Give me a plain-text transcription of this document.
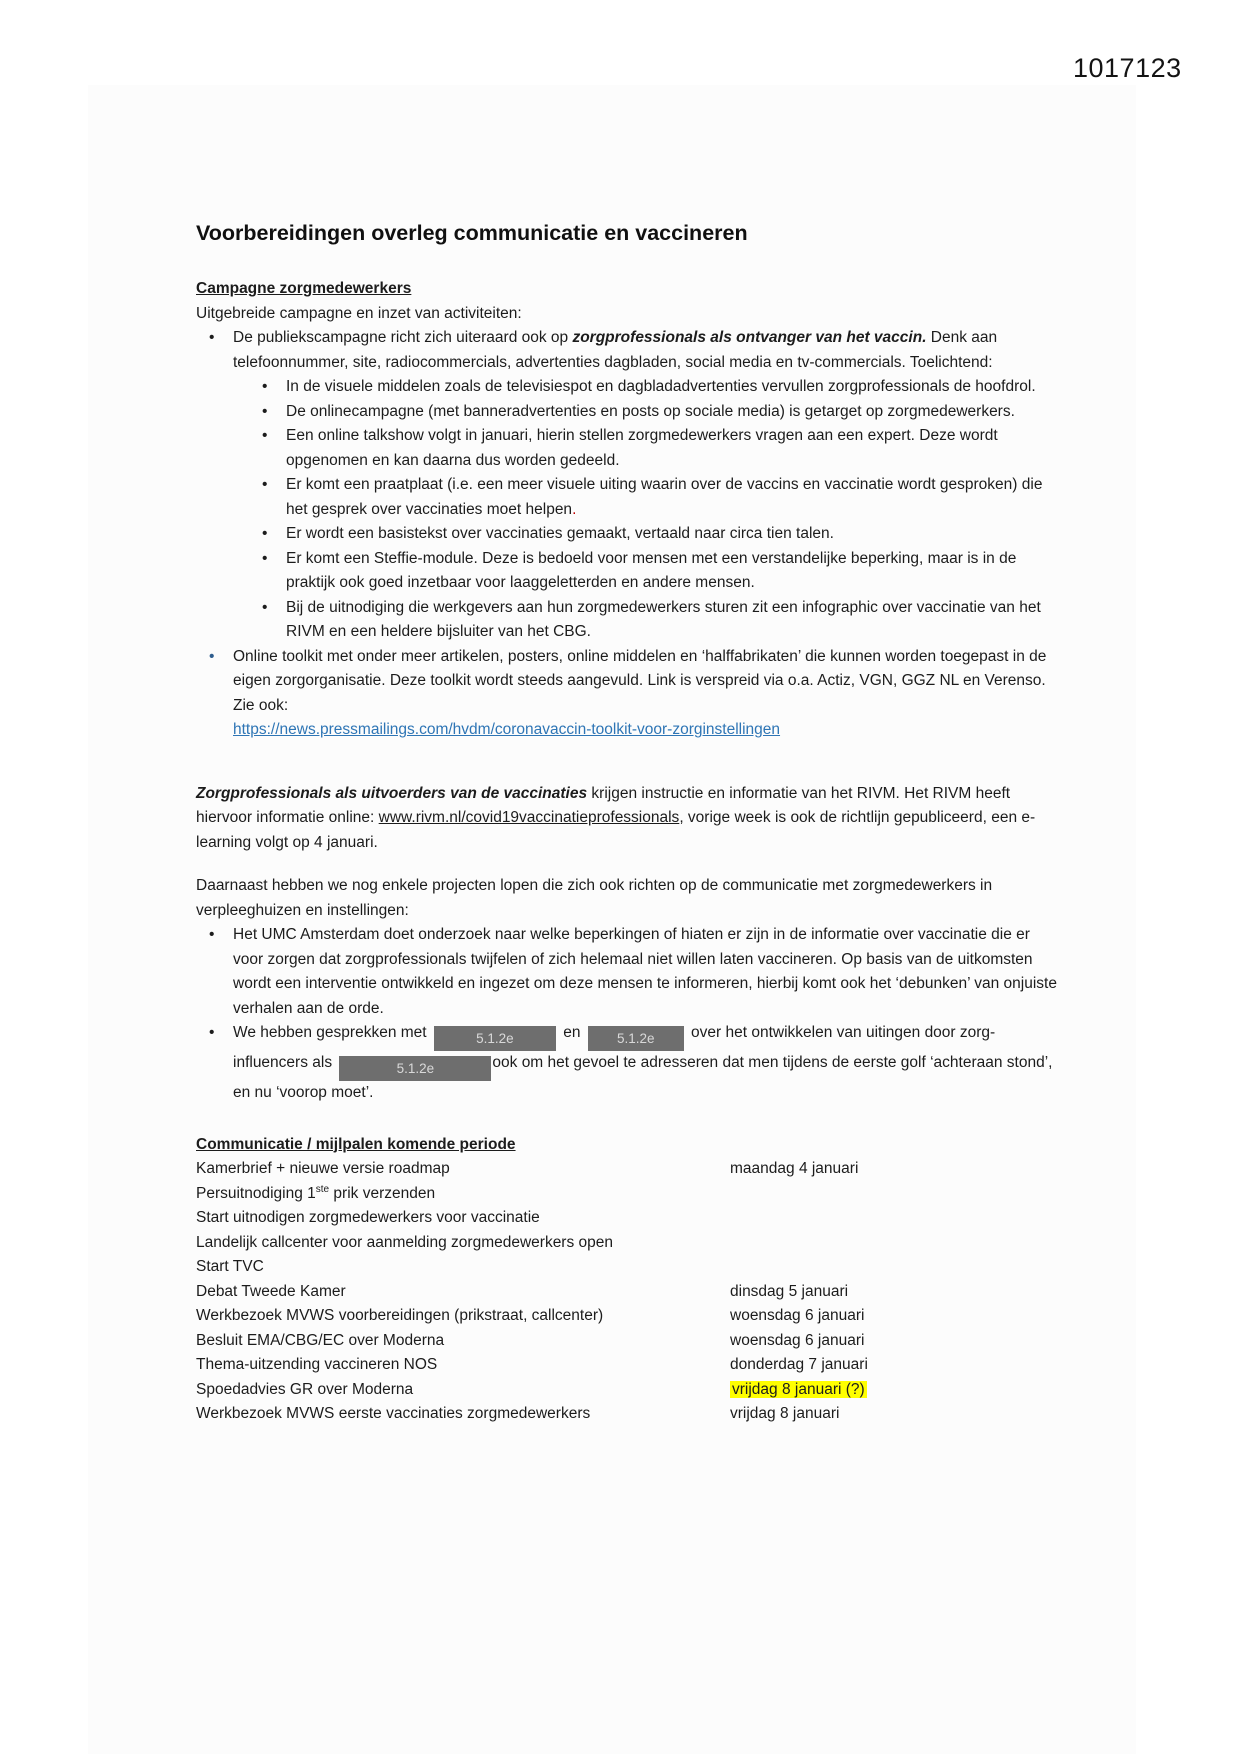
1017123
Voorbereidingen overleg communicatie en vaccineren
Campagne zorgmedewerkers
Uitgebreide campagne en inzet van activiteiten:
• De publiekscampagne richt zich uiteraard ook op zorgprofessionals als ontvanger van het vaccin. Denk aan telefoonnummer, site, radiocommercials, advertenties dagbladen, social media en tv-commercials. Toelichtend:
• In de visuele middelen zoals de televisiespot en dagbladadvertenties vervullen zorgprofessionals de hoofdrol.
• De onlinecampagne (met banneradvertenties en posts op sociale media) is getarget op zorgmedewerkers.
• Een online talkshow volgt in januari, hierin stellen zorgmedewerkers vragen aan een expert. Deze wordt opgenomen en kan daarna dus worden gedeeld.
• Er komt een praatplaat (i.e. een meer visuele uiting waarin over de vaccins en vaccinatie wordt gesproken) die het gesprek over vaccinaties moet helpen.
• Er wordt een basistekst over vaccinaties gemaakt, vertaald naar circa tien talen.
• Er komt een Steffie-module. Deze is bedoeld voor mensen met een verstandelijke beperking, maar is in de praktijk ook goed inzetbaar voor laaggeletterden en andere mensen.
• Bij de uitnodiging die werkgevers aan hun zorgmedewerkers sturen zit een infographic over vaccinatie van het RIVM en een heldere bijsluiter van het CBG.
• Online toolkit met onder meer artikelen, posters, online middelen en ‘halffabrikaten’ die kunnen worden toegepast in de eigen zorgorganisatie. Deze toolkit wordt steeds aangevuld. Link is verspreid via o.a. Actiz, VGN, GGZ NL en Verenso. Zie ook:
https://news.pressmailings.com/hvdm/coronavaccin-toolkit-voor-zorginstellingen

Zorgprofessionals als uitvoerders van de vaccinaties krijgen instructie en informatie van het RIVM. Het RIVM heeft hiervoor informatie online: www.rivm.nl/covid19vaccinatieprofessionals, vorige week is ook de richtlijn gepubliceerd, een e-learning volgt op 4 januari.

Daarnaast hebben we nog enkele projecten lopen die zich ook richten op de communicatie met zorgmedewerkers in verpleeghuizen en instellingen:

• Het UMC Amsterdam doet onderzoek naar welke beperkingen of hiaten er zijn in de informatie over vaccinatie die er voor zorgen dat zorgprofessionals twijfelen of zich helemaal niet willen laten vaccineren. Op basis van de uitkomsten wordt een interventie ontwikkeld en ingezet om deze mensen te informeren, hierbij komt ook het ‘debunken’ van onjuiste verhalen aan de orde.
• We hebben gesprekken met	5.1.2e	en 5.1.2e over het ontwikkelen van uitingen door zorg-influencers als	5.1.2e	ook om het gevoel te adresseren dat men tijdens de eerste golf ‘achteraan stond’, en nu ‘voorop moet’.
Communicatie / mijlpalen komende periode
Kamerbrief + nieuwe versie roadmap	maandag 4 januari
Persuitnodiging 1ste prik verzenden
Start uitnodigen zorgmedewerkers voor vaccinatie
Landelijk callcenter voor aanmelding zorgmedewerkers open
Start TVC
Debat Tweede Kamer	dinsdag 5 januari
Werkbezoek MVWS voorbereidingen (prikstraat, callcenter)	woensdag 6 januari
Besluit EMA/CBG/EC over Moderna	woensdag 6 januari
Thema-uitzending vaccineren NOS	donderdag 7 januari
Spoedadvies GR over Moderna	vrijdag 8 januari (?)
Werkbezoek MVWS eerste vaccinaties zorgmedewerkers	vrijdag 8 januari
